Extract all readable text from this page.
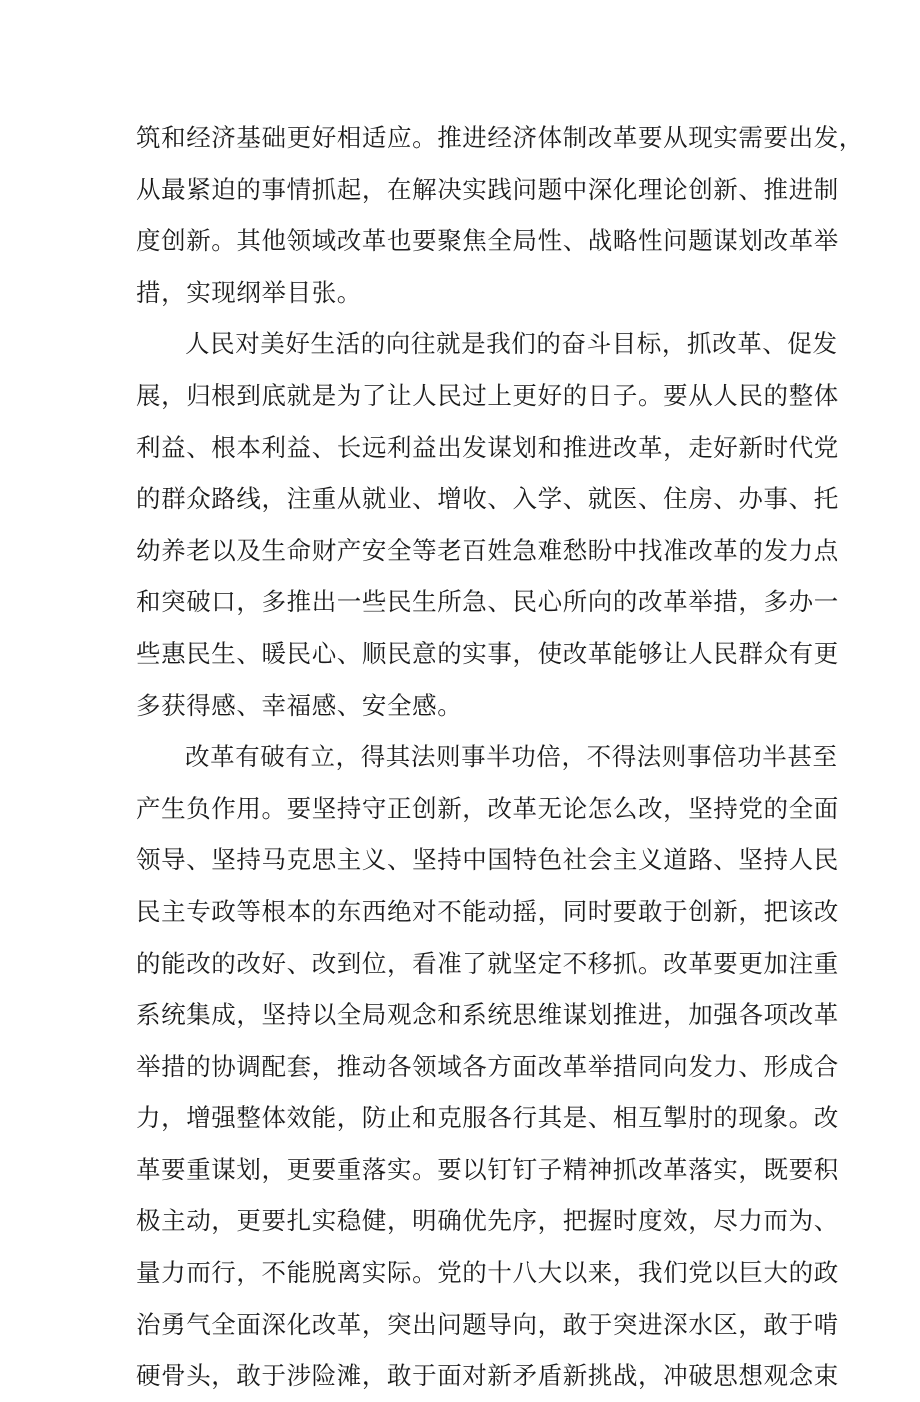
筑和经济基础更好相适应。推进经济体制改革要从现实需要出发，
从最紧迫的事情抓起，在解决实践问题中深化理论创新、推进制
度创新。其他领域改革也要聚焦全局性、战略性问题谋划改革举
措，实现纲举目张。

人民对美好生活的向往就是我们的奋斗目标，抓改革、促发
展，归根到底就是为了让人民过上更好的日子。要从人民的整体
利益、根本利益、长远利益出发谋划和推进改革，走好新时代党
的群众路线，注重从就业、增收、入学、就医、住房、办事、托
幼养老以及生命财产安全等老百姓急难愁盼中找准改革的发力点
和突破口，多推出一些民生所急、民心所向的改革举措，多办一
些惠民生、暖民心、顺民意的实事，使改革能够让人民群众有更
多获得感、幸福感、安全感。

改革有破有立，得其法则事半功倍，不得法则事倍功半甚至
产生负作用。要坚持守正创新，改革无论怎么改，坚持党的全面
领导、坚持马克思主义、坚持中国特色社会主义道路、坚持人民
民主专政等根本的东西绝对不能动摇，同时要敢于创新，把该改
的能改的改好、改到位，看准了就坚定不移抓。改革要更加注重
系统集成，坚持以全局观念和系统思维谋划推进，加强各项改革
举措的协调配套，推动各领域各方面改革举措同向发力、形成合
力，增强整体效能，防止和克服各行其是、相互掣肘的现象。改
革要重谋划，更要重落实。要以钉钉子精神抓改革落实，既要积
极主动，更要扎实稳健，明确优先序，把握时度效，尽力而为、
量力而行，不能脱离实际。党的十八大以来，我们党以巨大的政
治勇气全面深化改革，突出问题导向，敢于突进深水区，敢于啃
硬骨头，敢于涉险滩，敢于面对新矛盾新挑战，冲破思想观念束
